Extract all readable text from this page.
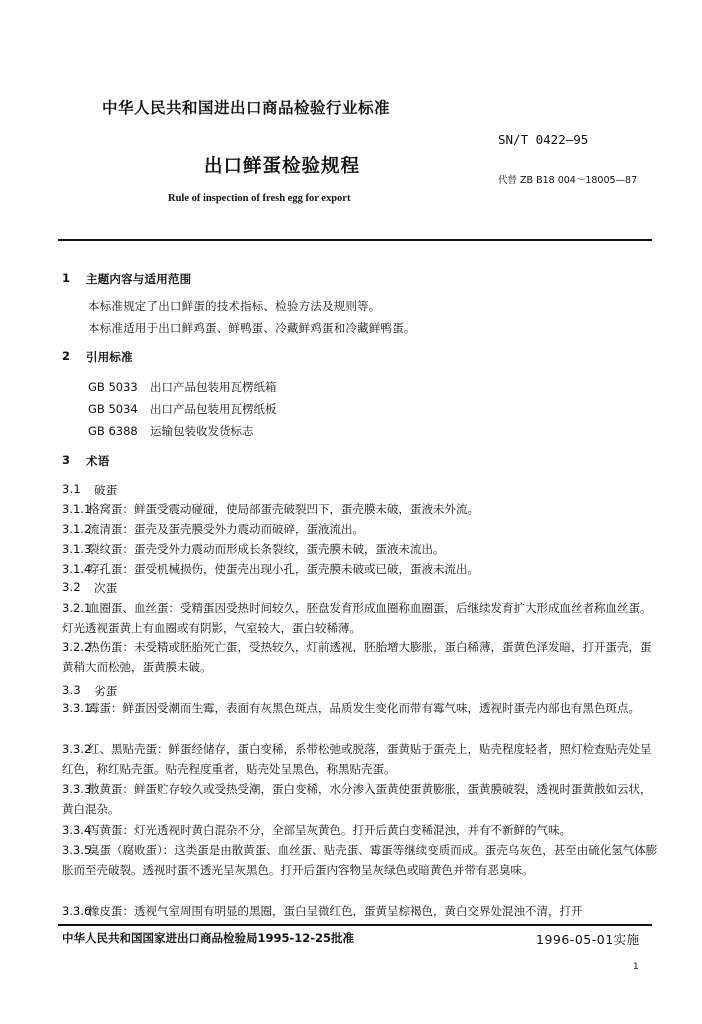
中华人民共和国进出口商品检验行业标准
SN/T 0422—95
出口鲜蛋检验规程
代替 ZB B18 004～18005—87
Rule of inspection of fresh egg for export
1 主题内容与适用范围
本标准规定了出口鲜蛋的技术指标、检验方法及规则等。
本标准适用于出口鲜鸡蛋、鲜鸭蛋、冷藏鲜鸡蛋和冷藏鲜鸭蛋。
2 引用标准
GB 5033 出口产品包装用瓦楞纸箱
GB 5034 出口产品包装用瓦楞纸板
GB 6388 运输包装收发货标志
3 术语
3.1 破蛋
3.1.1格窝蛋：鲜蛋受震动碰碰，使局部蛋壳破裂凹下，蛋壳膜未破，蛋液未外流。
3.1.2流清蛋：蛋壳及蛋壳膜受外力震动而破碎，蛋液流出。
3.1.3裂纹蛋：蛋壳受外力震动而形成长条裂纹，蛋壳膜未破，蛋液未流出。
3.1.4穿孔蛋：蛋受机械损伤，使蛋壳出现小孔，蛋壳膜未破或已破，蛋液未流出。
3.2 次蛋
3.2.1血圈蛋、血丝蛋：受精蛋因受热时间较久，胚盘发育形成血圈称血圈蛋，后继续发育扩大形成血丝者称血丝蛋。灯光透视蛋黄上有血圈或有阴影，气室较大，蛋白较稀薄。
3.2.2热伤蛋：未受精或胚胎死亡蛋，受热较久，灯前透视，胚胎增大膨胀，蛋白稀薄，蛋黄色泽发暗，打开蛋壳，蛋黄稍大而松弛，蛋黄膜未破。
3.3 劣蛋
3.3.1霉蛋：鲜蛋因受潮而生霉，表面有灰黑色斑点，品质发生变化而带有霉气味，透视时蛋壳内部也有黑色斑点。
3.3.2红、黑贴壳蛋：鲜蛋经储存，蛋白变稀，系带松弛或脱落，蛋黄贴于蛋壳上，贴壳程度轻者，照灯检查贴壳处呈红色，称红贴壳蛋。贴壳程度重者，贴壳处呈黑色，称黑贴壳蛋。
3.3.3散黄蛋：鲜蛋贮存较久或受热受潮，蛋白变稀，水分渗入蛋黄使蛋黄膨胀，蛋黄膜破裂，透视时蛋黄散如云状，黄白混杂。
3.3.4泻黄蛋：灯光透视时黄白混杂不分，全部呈灰黄色。打开后黄白变稀混浊，并有不新鲜的气味。
3.3.5臭蛋（腐败蛋）：这类蛋是由散黄蛋、血丝蛋、贴壳蛋、霉蛋等继续变质而成。蛋壳乌灰色，甚至由硫化氢气体膨胀而至壳破裂。透视时蛋不透光呈灰黑色。打开后蛋内容物呈灰绿色或暗黄色并带有恶臭味。
3.3.6橡皮蛋：透视气室周围有明显的黑圈，蛋白呈微红色，蛋黄呈棕褐色，黄白交界处混浊不清，打开
中华人民共和国国家进出口商品检验局1995-12-25批准	1996-05-01实施
1
